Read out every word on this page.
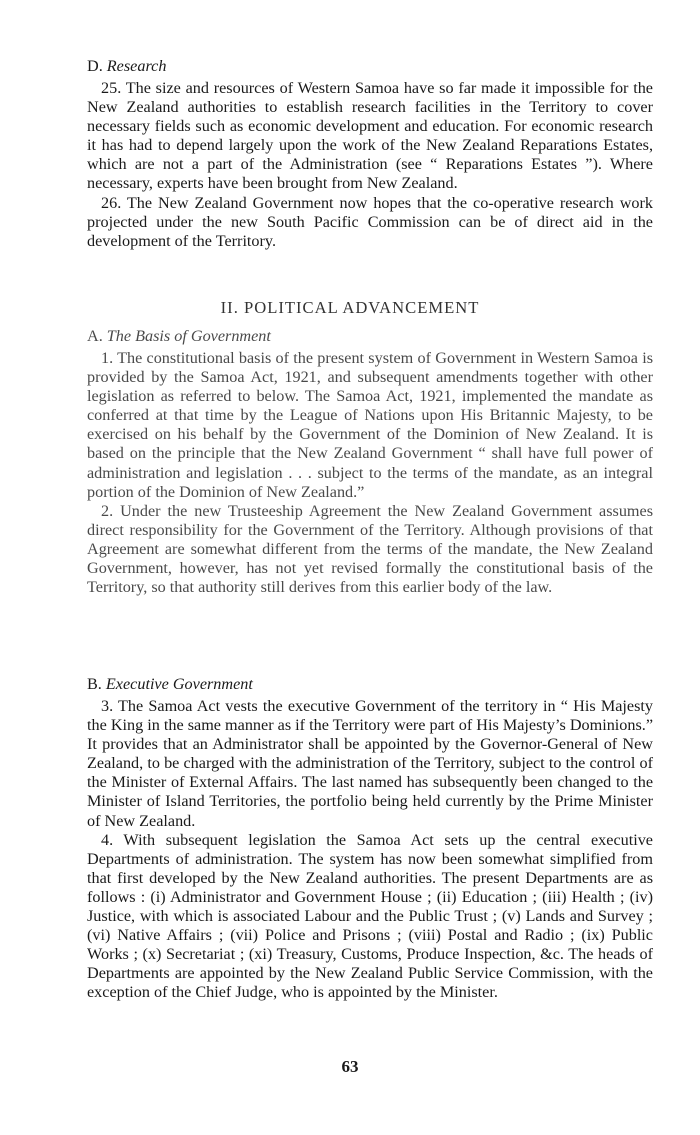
D. Research

25. The size and resources of Western Samoa have so far made it impossible for the New Zealand authorities to establish research facilities in the Territory to cover necessary fields such as economic development and education. For economic research it has had to depend largely upon the work of the New Zealand Reparations Estates, which are not a part of the Administration (see “ Reparations Estates ”). Where necessary, experts have been brought from New Zealand.

26. The New Zealand Government now hopes that the co-operative research work projected under the new South Pacific Commission can be of direct aid in the development of the Territory.

II. POLITICAL ADVANCEMENT

A. The Basis of Government

1. The constitutional basis of the present system of Government in Western Samoa is provided by the Samoa Act, 1921, and subsequent amendments together with other legislation as referred to below. The Samoa Act, 1921, implemented the mandate as conferred at that time by the League of Nations upon His Britannic Majesty, to be exercised on his behalf by the Government of the Dominion of New Zealand. It is based on the principle that the New Zealand Government “ shall have full power of administration and legislation . . . subject to the terms of the mandate, as an integral portion of the Dominion of New Zealand.”

2. Under the new Trusteeship Agreement the New Zealand Government assumes direct responsibility for the Government of the Territory. Although provisions of that Agreement are somewhat different from the terms of the mandate, the New Zealand Government, however, has not yet revised formally the constitutional basis of the Territory, so that authority still derives from this earlier body of the law.

B. Executive Government

3. The Samoa Act vests the executive Government of the territory in “ His Majesty the King in the same manner as if the Territory were part of His Majesty’s Dominions.” It provides that an Administrator shall be appointed by the Governor-General of New Zealand, to be charged with the administration of the Territory, subject to the control of the Minister of External Affairs. The last named has subsequently been changed to the Minister of Island Territories, the portfolio being held currently by the Prime Minister of New Zealand.

4. With subsequent legislation the Samoa Act sets up the central executive Departments of administration. The system has now been somewhat simplified from that first developed by the New Zealand authorities. The present Departments are as follows : (i) Administrator and Government House ; (ii) Education ; (iii) Health ; (iv) Justice, with which is associated Labour and the Public Trust ; (v) Lands and Survey ; (vi) Native Affairs ; (vii) Police and Prisons ; (viii) Postal and Radio ; (ix) Public Works ; (x) Secretariat ; (xi) Treasury, Customs, Produce Inspection, &c. The heads of Departments are appointed by the New Zealand Public Service Commission, with the exception of the Chief Judge, who is appointed by the Minister.

63
